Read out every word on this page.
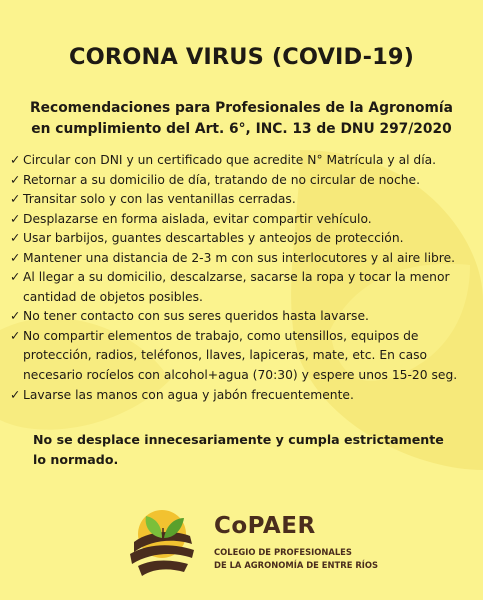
CORONA VIRUS (COVID-19)
Recomendaciones para Profesionales de la Agronomía
en cumplimiento del Art. 6°, INC. 13 de DNU 297/2020
✓ Circular con DNI y un certificado que acredite N° Matrícula y al día.
✓ Retornar a su domicilio de día, tratando de no circular de noche.
✓ Transitar solo y con las ventanillas cerradas.
✓ Desplazarse en forma aislada, evitar compartir vehículo.
✓ Usar barbijos, guantes descartables y anteojos de protección.
✓ Mantener una distancia de 2-3 m con sus interlocutores y al aire libre.
✓ Al llegar a su domicilio, descalzarse, sacarse la ropa y tocar la menor
cantidad de objetos posibles.
✓ No tener contacto con sus seres queridos hasta lavarse.
✓ No compartir elementos de trabajo, como utensillos, equipos de
protección, radios, teléfonos, llaves, lapiceras, mate, etc. En caso
necesario rocíelos con alcohol+agua (70:30) y espere unos 15-20 seg.
✓ Lavarse las manos con agua y jabón frecuentemente.

No se desplace innecesariamente y cumpla estrictamente
lo normado.

CoPAER
COLEGIO DE PROFESIONALES
DE LA AGRONOMÍA DE ENTRE RÍOS
